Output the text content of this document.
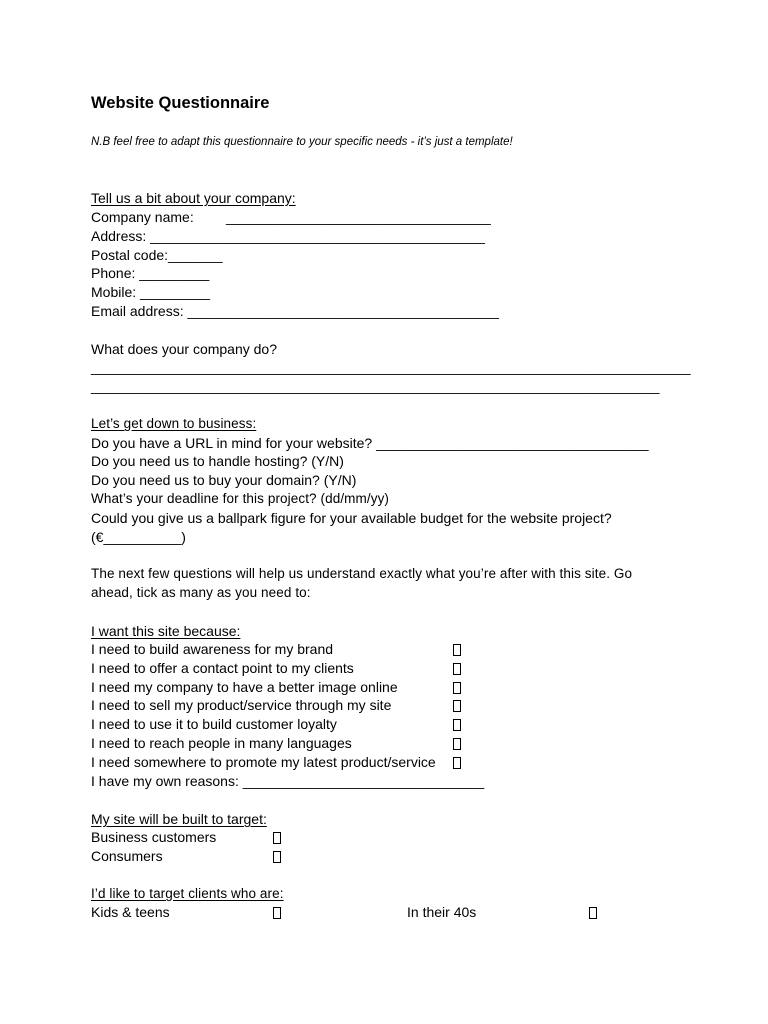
Website Questionnaire
N.B feel free to adapt this questionnaire to your specific needs - it’s just a template!
Tell us a bit about your company:
Company name: __________________________________
Address: ___________________________________________
Postal code:_______
Phone: _________
Mobile: _________
Email address: ________________________________________
What does your company do?
_____________________________________________________________________________
_________________________________________________________________________
Let’s get down to business:
Do you have a URL in mind for your website? ___________________________________
Do you need us to handle hosting? (Y/N)
Do you need us to buy your domain? (Y/N)
What’s your deadline for this project? (dd/mm/yy)
Could you give us a ballpark figure for your available budget for the website project?
(€__________)
The next few questions will help us understand exactly what you’re after with this site. Go
ahead, tick as many as you need to:
I want this site because:
I need to build awareness for my brand
I need to offer a contact point to my clients
I need my company to have a better image online
I need to sell my product/service through my site
I need to use it to build customer loyalty
I need to reach people in many languages
I need somewhere to promote my latest product/service
I have my own reasons: _______________________________
My site will be built to target:
Business customers
Consumers
I’d like to target clients who are:
Kids & teens	In their 40s
